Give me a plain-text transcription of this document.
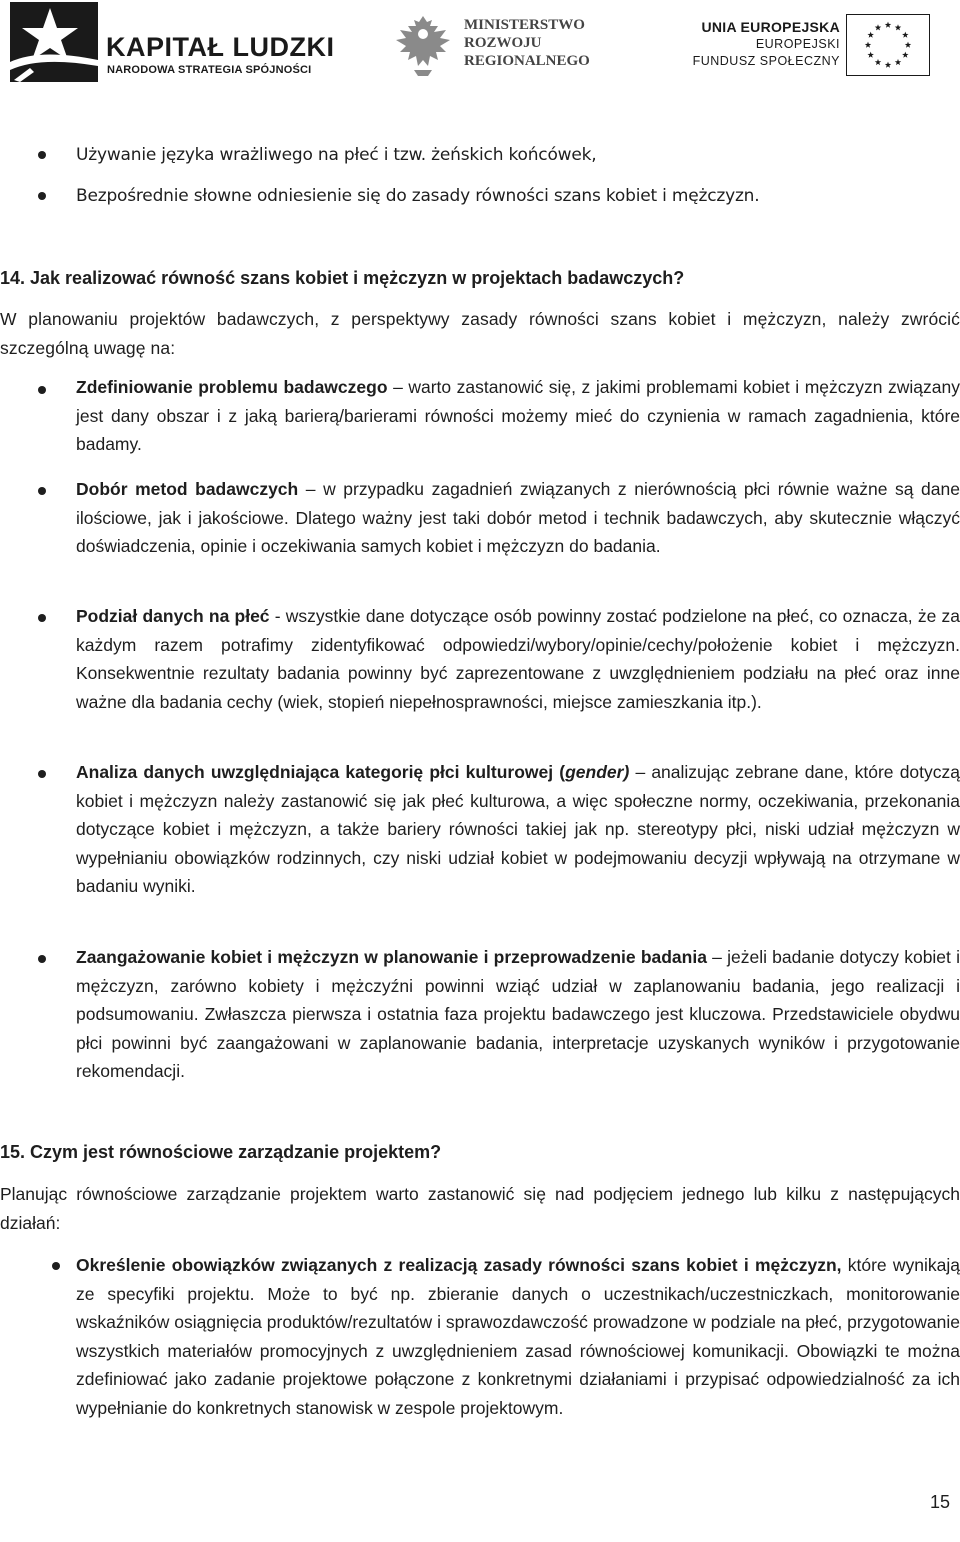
KAPITAŁ LUDZKI
NARODOWA STRATEGIA SPÓJNOŚCI
MINISTERSTWO
ROZWOJU
REGIONALNEGO
UNIA EUROPEJSKA
EUROPEJSKI
FUNDUSZ SPOŁECZNY
Używanie języka wrażliwego na płeć i tzw. żeńskich końcówek,
Bezpośrednie słowne odniesienie się do zasady równości szans kobiet i mężczyzn.
14. Jak realizować równość szans kobiet i mężczyzn w projektach badawczych?
W planowaniu projektów badawczych, z perspektywy zasady równości szans kobiet i mężczyzn, należy zwrócić szczególną uwagę na:
Zdefiniowanie problemu badawczego – warto zastanowić się, z jakimi problemami kobiet i mężczyzn związany jest dany obszar i z jaką barierą/barierami równości możemy mieć do czynienia w ramach zagadnienia, które badamy.
Dobór metod badawczych – w przypadku zagadnień związanych z nierównością płci równie ważne są dane ilościowe, jak i jakościowe. Dlatego ważny jest taki dobór metod i technik badawczych, aby skutecznie włączyć doświadczenia, opinie i oczekiwania samych kobiet i mężczyzn do badania.
Podział danych na płeć - wszystkie dane dotyczące osób powinny zostać podzielone na płeć, co oznacza, że za każdym razem potrafimy zidentyfikować odpowiedzi/wybory/opinie/cechy/położenie kobiet i mężczyzn. Konsekwentnie rezultaty badania powinny być zaprezentowane z uwzględnieniem podziału na płeć oraz inne ważne dla badania cechy (wiek, stopień niepełnosprawności, miejsce zamieszkania itp.).
Analiza danych uwzględniająca kategorię płci kulturowej (gender) – analizując zebrane dane, które dotyczą kobiet i mężczyzn należy zastanowić się jak płeć kulturowa, a więc społeczne normy, oczekiwania, przekonania dotyczące kobiet i mężczyzn, a także bariery równości takiej jak np. stereotypy płci, niski udział mężczyzn w wypełnianiu obowiązków rodzinnych, czy niski udział kobiet w podejmowaniu decyzji wpływają na otrzymane w badaniu wyniki.
Zaangażowanie kobiet i mężczyzn w planowanie i przeprowadzenie badania – jeżeli badanie dotyczy kobiet i mężczyzn, zarówno kobiety i mężczyźni powinni wziąć udział w zaplanowaniu badania, jego realizacji i podsumowaniu. Zwłaszcza pierwsza i ostatnia faza projektu badawczego jest kluczowa. Przedstawiciele obydwu płci powinni być zaangażowani w zaplanowanie badania, interpretacje uzyskanych wyników i przygotowanie rekomendacji.
15. Czym jest równościowe zarządzanie projektem?
Planując równościowe zarządzanie projektem warto zastanowić się nad podjęciem jednego lub kilku z następujących działań:
Określenie obowiązków związanych z realizacją zasady równości szans kobiet i mężczyzn, które wynikają ze specyfiki projektu. Może to być np. zbieranie danych o uczestnikach/uczestniczkach, monitorowanie wskaźników osiągnięcia produktów/rezultatów i sprawozdawczość prowadzone w podziale na płeć, przygotowanie wszystkich materiałów promocyjnych z uwzględnieniem zasad równościowej komunikacji. Obowiązki te można zdefiniować jako zadanie projektowe połączone z konkretnymi działaniami i przypisać odpowiedzialność za ich wypełnianie do konkretnych stanowisk w zespole projektowym.
15
